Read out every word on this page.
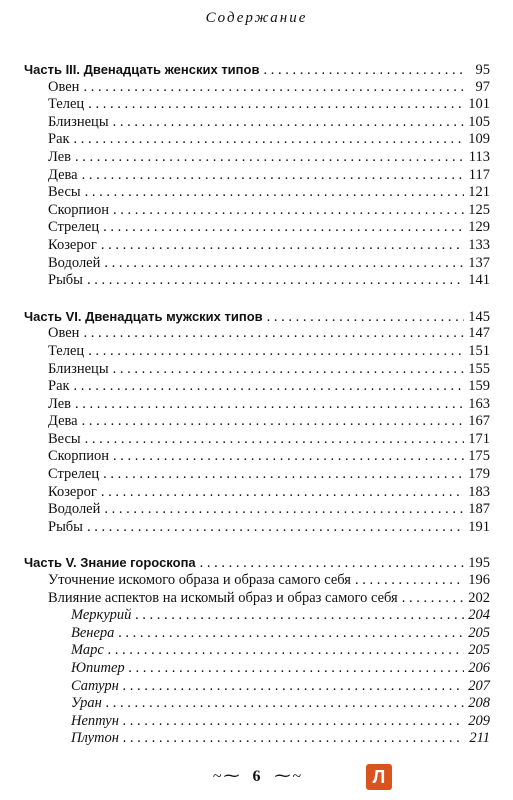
Содержание
Часть III. Двенадцать женских типов . . .	95
Овен . . .	97
Телец . . .	101
Близнецы . . .	105
Рак . . .	109
Лев . . .	113
Дева . . .	117
Весы . . .	121
Скорпион . . .	125
Стрелец . . .	129
Козерог . . .	133
Водолей . . .	137
Рыбы . . .	141
Часть VI. Двенадцать мужских типов . . .	145
Овен . . .	147
Телец . . .	151
Близнецы . . .	155
Рак . . .	159
Лев . . .	163
Дева . . .	167
Весы . . .	171
Скорпион . . .	175
Стрелец . . .	179
Козерог . . .	183
Водолей . . .	187
Рыбы . . .	191
Часть V. Знание гороскопа . . .	195
Уточнение искомого образа и образа самого себя . . .	196
Влияние аспектов на искомый образ и образ самого себя . . .	202
Меркурий . . .	204
Венера . . .	205
Марс . . .	205
Юпитер . . .	206
Сатурн . . .	207
Уран . . .	208
Нептун . . .	209
Плутон . . .	211
~ ⁓ 6 ⁓ ~	Л
